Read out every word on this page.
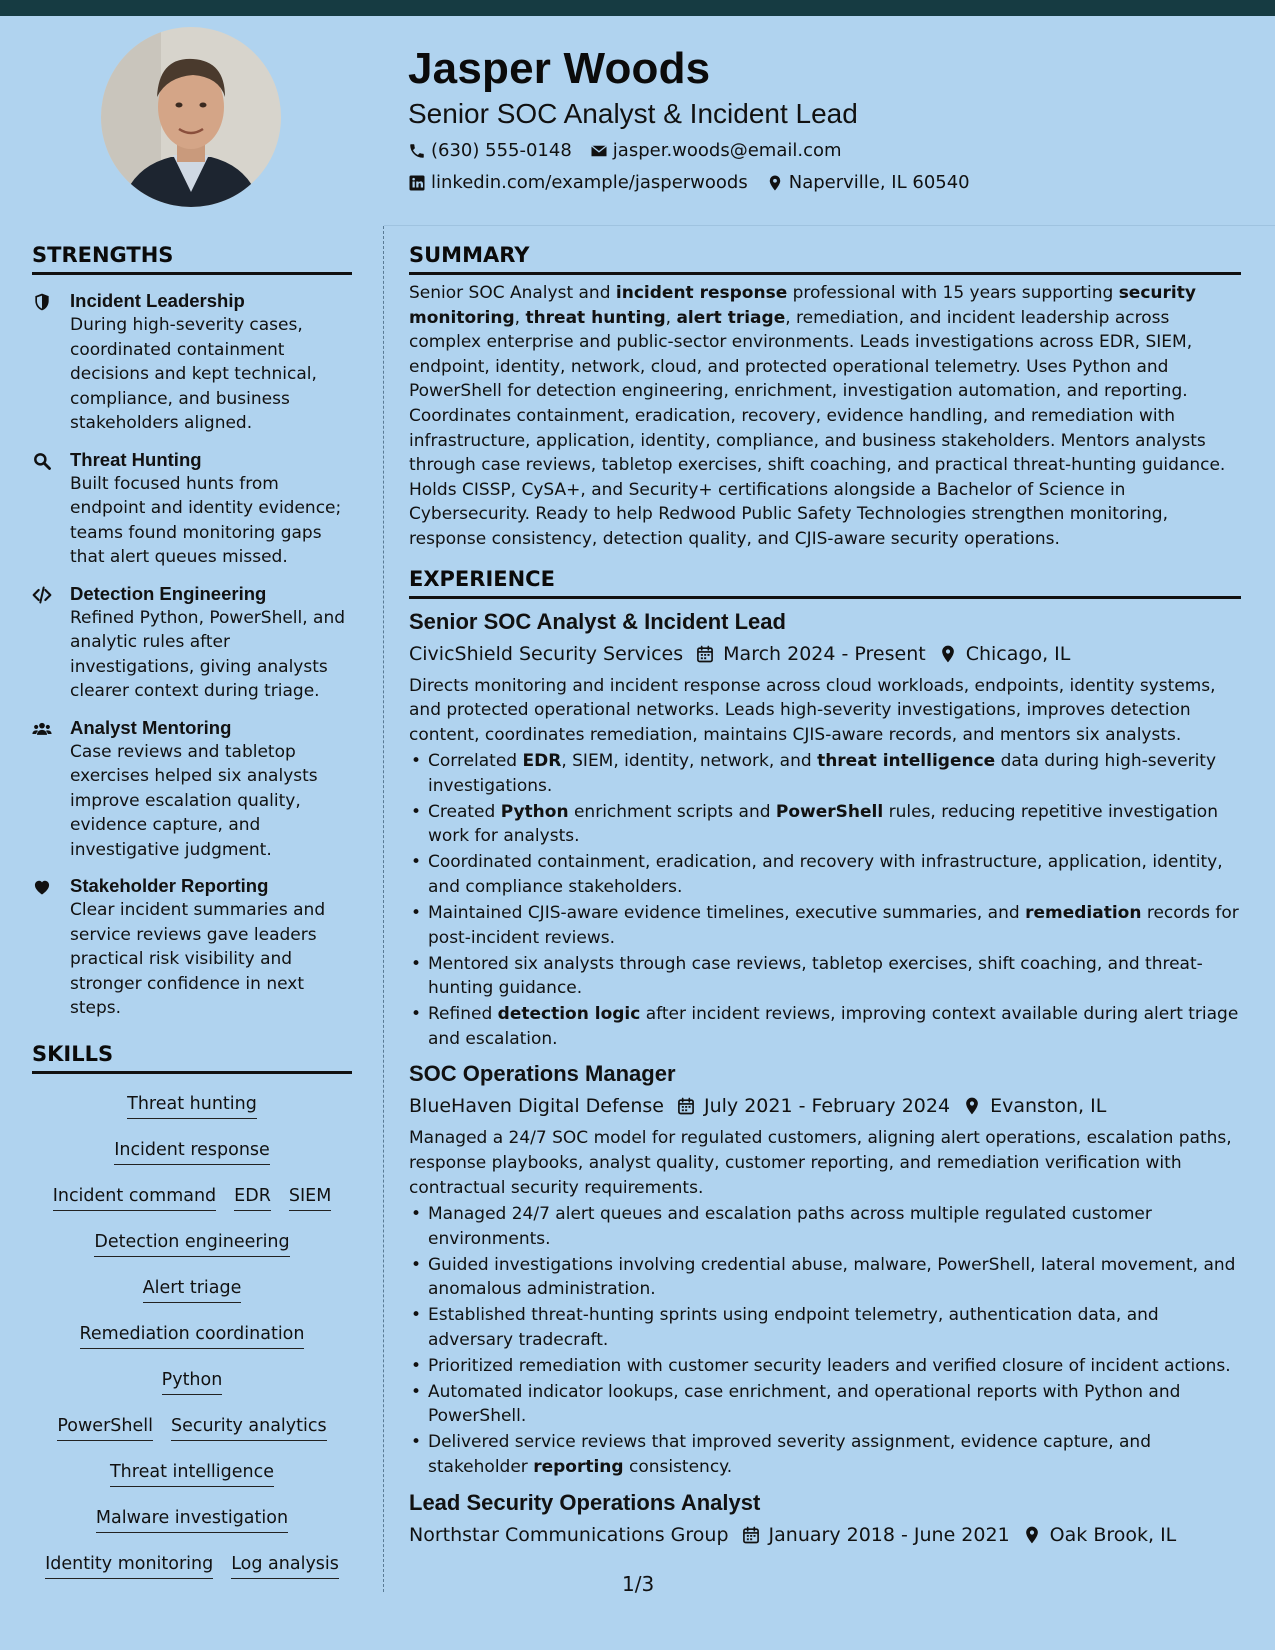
Jasper Woods
Senior SOC Analyst & Incident Lead
(630) 555-0148 jasper.woods@email.com
linkedin.com/example/jasperwoods Naperville, IL 60540
STRENGTHS
Incident Leadership
During high-severity cases, coordinated containment decisions and kept technical, compliance, and business stakeholders aligned.
Threat Hunting
Built focused hunts from endpoint and identity evidence; teams found monitoring gaps that alert queues missed.
Detection Engineering
Refined Python, PowerShell, and analytic rules after investigations, giving analysts clearer context during triage.
Analyst Mentoring
Case reviews and tabletop exercises helped six analysts improve escalation quality, evidence capture, and investigative judgment.
Stakeholder Reporting
Clear incident summaries and service reviews gave leaders practical risk visibility and stronger confidence in next steps.
SKILLS
Threat hunting
Incident response
Incident command EDR SIEM
Detection engineering
Alert triage
Remediation coordination
Python
PowerShell Security analytics
Threat intelligence
Malware investigation
Identity monitoring Log analysis
SUMMARY
Senior SOC Analyst and incident response professional with 15 years supporting security monitoring, threat hunting, alert triage, remediation, and incident leadership across complex enterprise and public-sector environments. Leads investigations across EDR, SIEM, endpoint, identity, network, cloud, and protected operational telemetry. Uses Python and PowerShell for detection engineering, enrichment, investigation automation, and reporting. Coordinates containment, eradication, recovery, evidence handling, and remediation with infrastructure, application, identity, compliance, and business stakeholders. Mentors analysts through case reviews, tabletop exercises, shift coaching, and practical threat-hunting guidance. Holds CISSP, CySA+, and Security+ certifications alongside a Bachelor of Science in Cybersecurity. Ready to help Redwood Public Safety Technologies strengthen monitoring, response consistency, detection quality, and CJIS-aware security operations.
EXPERIENCE
Senior SOC Analyst & Incident Lead
CivicShield Security Services March 2024 - Present Chicago, IL
Directs monitoring and incident response across cloud workloads, endpoints, identity systems, and protected operational networks. Leads high-severity investigations, improves detection content, coordinates remediation, maintains CJIS-aware records, and mentors six analysts.
• Correlated EDR, SIEM, identity, network, and threat intelligence data during high-severity investigations.
• Created Python enrichment scripts and PowerShell rules, reducing repetitive investigation work for analysts.
• Coordinated containment, eradication, and recovery with infrastructure, application, identity, and compliance stakeholders.
• Maintained CJIS-aware evidence timelines, executive summaries, and remediation records for post-incident reviews.
• Mentored six analysts through case reviews, tabletop exercises, shift coaching, and threat-hunting guidance.
• Refined detection logic after incident reviews, improving context available during alert triage and escalation.
SOC Operations Manager
BlueHaven Digital Defense July 2021 - February 2024 Evanston, IL
Managed a 24/7 SOC model for regulated customers, aligning alert operations, escalation paths, response playbooks, analyst quality, customer reporting, and remediation verification with contractual security requirements.
• Managed 24/7 alert queues and escalation paths across multiple regulated customer environments.
• Guided investigations involving credential abuse, malware, PowerShell, lateral movement, and anomalous administration.
• Established threat-hunting sprints using endpoint telemetry, authentication data, and adversary tradecraft.
• Prioritized remediation with customer security leaders and verified closure of incident actions.
• Automated indicator lookups, case enrichment, and operational reports with Python and PowerShell.
• Delivered service reviews that improved severity assignment, evidence capture, and stakeholder reporting consistency.
Lead Security Operations Analyst
Northstar Communications Group January 2018 - June 2021 Oak Brook, IL
1/3
